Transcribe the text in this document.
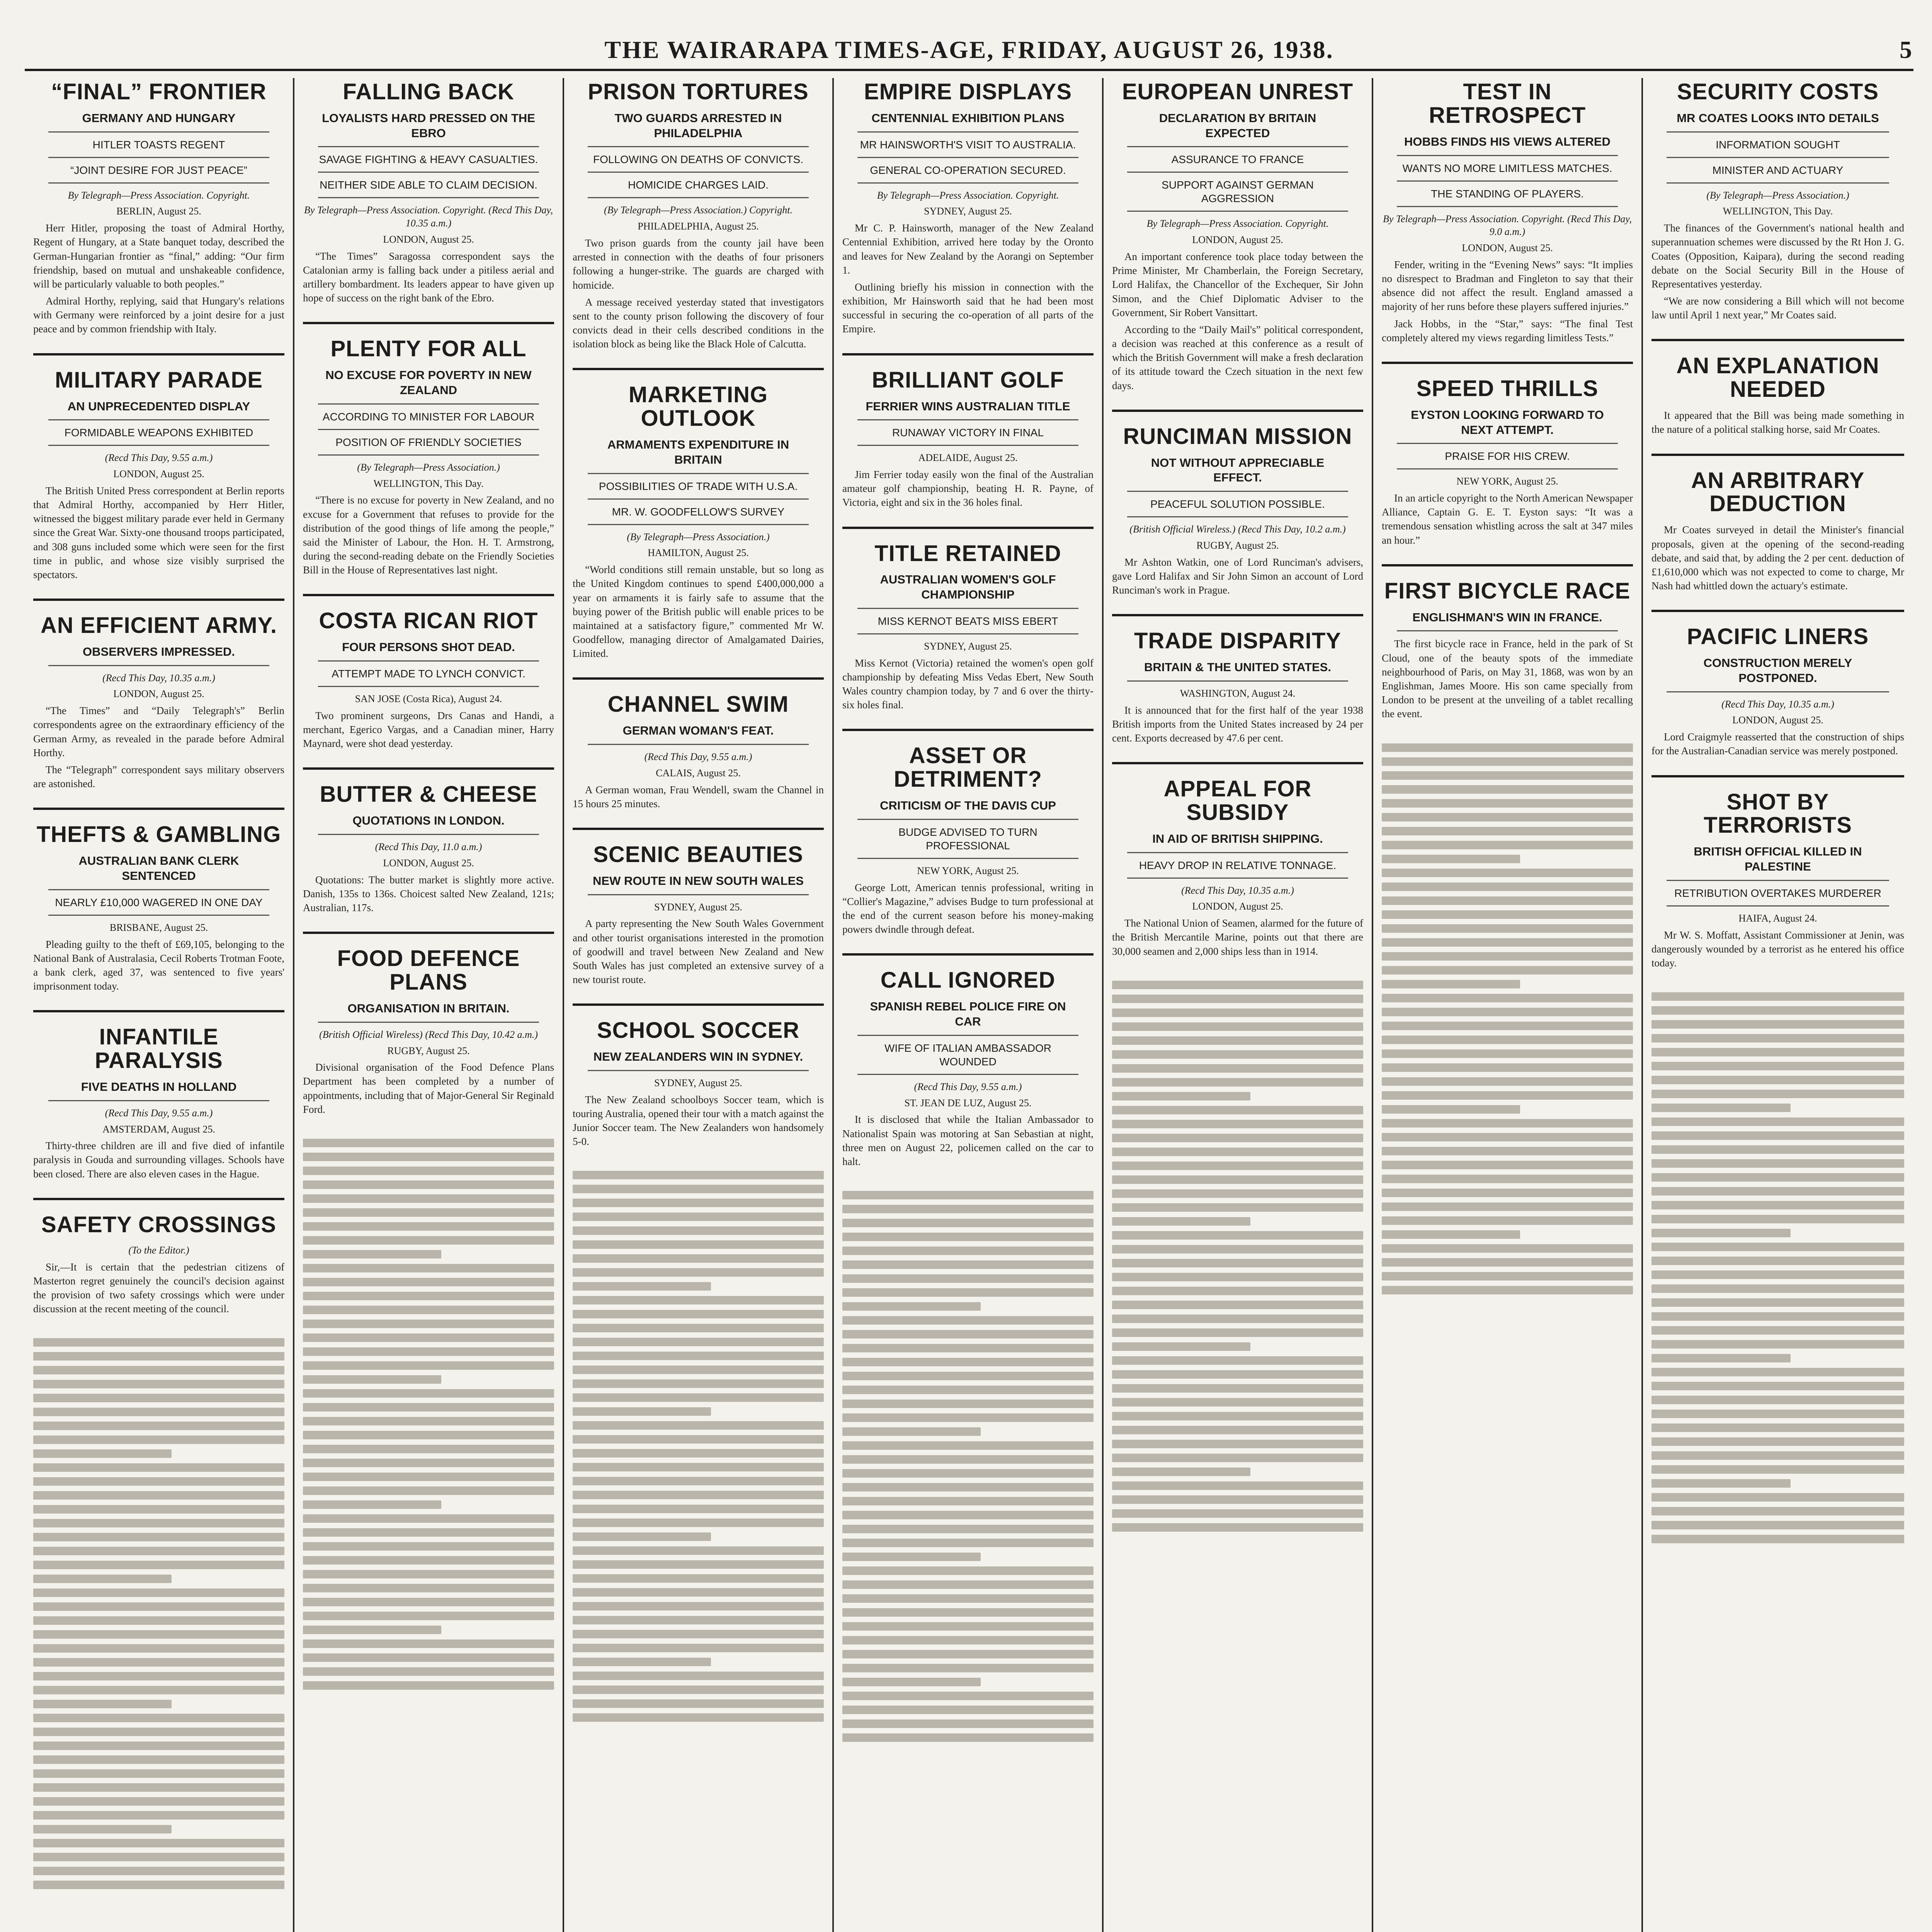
THE WAIRARAPA TIMES-AGE, FRIDAY, AUGUST 26, 1938.	5
“FINAL” FRONTIER
GERMANY AND HUNGARY
HITLER TOASTS REGENT
“JOINT DESIRE FOR JUST PEACE”
By Telegraph—Press Association. Copyright.
BERLIN, August 25.

Herr Hitler, proposing the toast of Admiral Horthy, Regent of Hungary, at a State banquet today, described the German-Hungarian frontier as “final,” adding: “Our firm friendship, based on mutual and unshakeable confidence, will be particularly valuable to both peoples.”

Admiral Horthy, replying, said that Hungary's relations with Germany were reinforced by a joint desire for a just peace and by common friendship with Italy.

MILITARY PARADE
AN UNPRECEDENTED DISPLAY
FORMIDABLE WEAPONS EXHIBITED
(Recd This Day, 9.55 a.m.)
LONDON, August 25.

The British United Press correspondent at Berlin reports that Admiral Horthy, accompanied by Herr Hitler, witnessed the biggest military parade ever held in Germany since the Great War. Sixty-one thousand troops participated, and 308 guns included some which were seen for the first time in public, and whose size visibly surprised the spectators.

AN EFFICIENT ARMY.
OBSERVERS IMPRESSED.
(Recd This Day, 10.35 a.m.)
LONDON, August 25.

“The Times” and “Daily Telegraph's” Berlin correspondents agree on the extraordinary efficiency of the German Army, as revealed in the parade before Admiral Horthy.

The “Telegraph” correspondent says military observers are astonished.

THEFTS & GAMBLING
AUSTRALIAN BANK CLERK SENTENCED
NEARLY £10,000 WAGERED IN ONE DAY
BRISBANE, August 25.

Pleading guilty to the theft of £69,105, belonging to the National Bank of Australasia, Cecil Roberts Trotman Foote, a bank clerk, aged 37, was sentenced to five years' imprisonment today.

INFANTILE PARALYSIS
FIVE DEATHS IN HOLLAND
(Recd This Day, 9.55 a.m.)
AMSTERDAM, August 25.

Thirty-three children are ill and five died of infantile paralysis in Gouda and surrounding villages. Schools have been closed. There are also eleven cases in the Hague.

SAFETY CROSSINGS
(To the Editor.)

Sir,—It is certain that the pedestrian citizens of Masterton regret genuinely the council's decision against the provision of two safety crossings which were under discussion at the recent meeting of the council.

FALLING BACK
LOYALISTS HARD PRESSED ON THE EBRO
SAVAGE FIGHTING & HEAVY CASUALTIES.
NEITHER SIDE ABLE TO CLAIM DECISION.
By Telegraph—Press Association. Copyright. (Recd This Day, 10.35 a.m.)
LONDON, August 25.

“The Times” Saragossa correspondent says the Catalonian army is falling back under a pitiless aerial and artillery bombardment. Its leaders appear to have given up hope of success on the right bank of the Ebro.

PLENTY FOR ALL
NO EXCUSE FOR POVERTY IN NEW ZEALAND
ACCORDING TO MINISTER FOR LABOUR
POSITION OF FRIENDLY SOCIETIES
(By Telegraph—Press Association.)
WELLINGTON, This Day.

“There is no excuse for poverty in New Zealand, and no excuse for a Government that refuses to provide for the distribution of the good things of life among the people,” said the Minister of Labour, the Hon. H. T. Armstrong, during the second-reading debate on the Friendly Societies Bill in the House of Representatives last night.

COSTA RICAN RIOT
FOUR PERSONS SHOT DEAD.
ATTEMPT MADE TO LYNCH CONVICT.
SAN JOSE (Costa Rica), August 24.

Two prominent surgeons, Drs Canas and Handi, a merchant, Egerico Vargas, and a Canadian miner, Harry Maynard, were shot dead yesterday.

BUTTER & CHEESE
QUOTATIONS IN LONDON.
(Recd This Day, 11.0 a.m.)
LONDON, August 25.

Quotations: The butter market is slightly more active. Danish, 135s to 136s. Choicest salted New Zealand, 121s; Australian, 117s.

FOOD DEFENCE PLANS
ORGANISATION IN BRITAIN.
(British Official Wireless) (Recd This Day, 10.42 a.m.)
RUGBY, August 25.

Divisional organisation of the Food Defence Plans Department has been completed by a number of appointments, including that of Major-General Sir Reginald Ford.

PRISON TORTURES
TWO GUARDS ARRESTED IN PHILADELPHIA
FOLLOWING ON DEATHS OF CONVICTS.
HOMICIDE CHARGES LAID.
(By Telegraph—Press Association.) Copyright.
PHILADELPHIA, August 25.

Two prison guards from the county jail have been arrested in connection with the deaths of four prisoners following a hunger-strike. The guards are charged with homicide.

A message received yesterday stated that investigators sent to the county prison following the discovery of four convicts dead in their cells described conditions in the isolation block as being like the Black Hole of Calcutta.

MARKETING OUTLOOK
ARMAMENTS EXPENDITURE IN BRITAIN
POSSIBILITIES OF TRADE WITH U.S.A.
MR. W. GOODFELLOW'S SURVEY
(By Telegraph—Press Association.)
HAMILTON, August 25.

“World conditions still remain unstable, but so long as the United Kingdom continues to spend £400,000,000 a year on armaments it is fairly safe to assume that the buying power of the British public will enable prices to be maintained at a satisfactory figure,” commented Mr W. Goodfellow, managing director of Amalgamated Dairies, Limited.

CHANNEL SWIM
GERMAN WOMAN'S FEAT.
(Recd This Day, 9.55 a.m.)
CALAIS, August 25.

A German woman, Frau Wendell, swam the Channel in 15 hours 25 minutes.

SCENIC BEAUTIES
NEW ROUTE IN NEW SOUTH WALES
SYDNEY, August 25.

A party representing the New South Wales Government and other tourist organisations interested in the promotion of goodwill and travel between New Zealand and New South Wales has just completed an extensive survey of a new tourist route.

SCHOOL SOCCER
NEW ZEALANDERS WIN IN SYDNEY.
SYDNEY, August 25.

The New Zealand schoolboys Soccer team, which is touring Australia, opened their tour with a match against the Junior Soccer team. The New Zealanders won handsomely 5-0.

EMPIRE DISPLAYS
CENTENNIAL EXHIBITION PLANS
MR HAINSWORTH'S VISIT TO AUSTRALIA.
GENERAL CO-OPERATION SECURED.
By Telegraph—Press Association. Copyright.
SYDNEY, August 25.

Mr C. P. Hainsworth, manager of the New Zealand Centennial Exhibition, arrived here today by the Oronto and leaves for New Zealand by the Aorangi on September 1.

Outlining briefly his mission in connection with the exhibition, Mr Hainsworth said that he had been most successful in securing the co-operation of all parts of the Empire.

BRILLIANT GOLF
FERRIER WINS AUSTRALIAN TITLE
RUNAWAY VICTORY IN FINAL
ADELAIDE, August 25.

Jim Ferrier today easily won the final of the Australian amateur golf championship, beating H. R. Payne, of Victoria, eight and six in the 36 holes final.

TITLE RETAINED
AUSTRALIAN WOMEN'S GOLF CHAMPIONSHIP
MISS KERNOT BEATS MISS EBERT
SYDNEY, August 25.

Miss Kernot (Victoria) retained the women's open golf championship by defeating Miss Vedas Ebert, New South Wales country champion today, by 7 and 6 over the thirty-six holes final.

ASSET OR DETRIMENT?
CRITICISM OF THE DAVIS CUP
BUDGE ADVISED TO TURN PROFESSIONAL
NEW YORK, August 25.

George Lott, American tennis professional, writing in “Collier's Magazine,” advises Budge to turn professional at the end of the current season before his money-making powers dwindle through defeat.

CALL IGNORED
SPANISH REBEL POLICE FIRE ON CAR
WIFE OF ITALIAN AMBASSADOR WOUNDED
(Recd This Day, 9.55 a.m.)
ST. JEAN DE LUZ, August 25.

It is disclosed that while the Italian Ambassador to Nationalist Spain was motoring at San Sebastian at night, three men on August 22, policemen called on the car to halt.

EUROPEAN UNREST
DECLARATION BY BRITAIN EXPECTED
ASSURANCE TO FRANCE
SUPPORT AGAINST GERMAN AGGRESSION
By Telegraph—Press Association. Copyright.
LONDON, August 25.

An important conference took place today between the Prime Minister, Mr Chamberlain, the Foreign Secretary, Lord Halifax, the Chancellor of the Exchequer, Sir John Simon, and the Chief Diplomatic Adviser to the Government, Sir Robert Vansittart.

According to the “Daily Mail's” political correspondent, a decision was reached at this conference as a result of which the British Government will make a fresh declaration of its attitude toward the Czech situation in the next few days.

RUNCIMAN MISSION
NOT WITHOUT APPRECIABLE EFFECT.
PEACEFUL SOLUTION POSSIBLE.
(British Official Wireless.) (Recd This Day, 10.2 a.m.)
RUGBY, August 25.

Mr Ashton Watkin, one of Lord Runciman's advisers, gave Lord Halifax and Sir John Simon an account of Lord Runciman's work in Prague.

TRADE DISPARITY
BRITAIN & THE UNITED STATES.
WASHINGTON, August 24.

It is announced that for the first half of the year 1938 British imports from the United States increased by 24 per cent. Exports decreased by 47.6 per cent.

APPEAL FOR SUBSIDY
IN AID OF BRITISH SHIPPING.
HEAVY DROP IN RELATIVE TONNAGE.
(Recd This Day, 10.35 a.m.)
LONDON, August 25.

The National Union of Seamen, alarmed for the future of the British Mercantile Marine, points out that there are 30,000 seamen and 2,000 ships less than in 1914.

TEST IN RETROSPECT
HOBBS FINDS HIS VIEWS ALTERED
WANTS NO MORE LIMITLESS MATCHES.
THE STANDING OF PLAYERS.
By Telegraph—Press Association. Copyright. (Recd This Day, 9.0 a.m.)
LONDON, August 25.

Fender, writing in the “Evening News” says: “It implies no disrespect to Bradman and Fingleton to say that their absence did not affect the result. England amassed a majority of her runs before these players suffered injuries.”

Jack Hobbs, in the “Star,” says: “The final Test completely altered my views regarding limitless Tests.”

SPEED THRILLS
EYSTON LOOKING FORWARD TO NEXT ATTEMPT.
PRAISE FOR HIS CREW.
NEW YORK, August 25.

In an article copyright to the North American Newspaper Alliance, Captain G. E. T. Eyston says: “It was a tremendous sensation whistling across the salt at 347 miles an hour.”

FIRST BICYCLE RACE
ENGLISHMAN'S WIN IN FRANCE.

The first bicycle race in France, held in the park of St Cloud, one of the beauty spots of the immediate neighbourhood of Paris, on May 31, 1868, was won by an Englishman, James Moore. His son came specially from London to be present at the unveiling of a tablet recalling the event.

SECURITY COSTS
MR COATES LOOKS INTO DETAILS
INFORMATION SOUGHT
MINISTER AND ACTUARY
(By Telegraph—Press Association.)
WELLINGTON, This Day.

The finances of the Government's national health and superannuation schemes were discussed by the Rt Hon J. G. Coates (Opposition, Kaipara), during the second reading debate on the Social Security Bill in the House of Representatives yesterday.

“We are now considering a Bill which will not become law until April 1 next year,” Mr Coates said.

AN EXPLANATION NEEDED

It appeared that the Bill was being made something in the nature of a political stalking horse, said Mr Coates.

AN ARBITRARY DEDUCTION

Mr Coates surveyed in detail the Minister's financial proposals, given at the opening of the second-reading debate, and said that, by adding the 2 per cent. deduction of £1,610,000 which was not expected to come to charge, Mr Nash had whittled down the actuary's estimate.

PACIFIC LINERS
CONSTRUCTION MERELY POSTPONED.
(Recd This Day, 10.35 a.m.)
LONDON, August 25.

Lord Craigmyle reasserted that the construction of ships for the Australian-Canadian service was merely postponed.

SHOT BY TERRORISTS
BRITISH OFFICIAL KILLED IN PALESTINE
RETRIBUTION OVERTAKES MURDERER
HAIFA, August 24.

Mr W. S. Moffatt, Assistant Commissioner at Jenin, was dangerously wounded by a terrorist as he entered his office today.
